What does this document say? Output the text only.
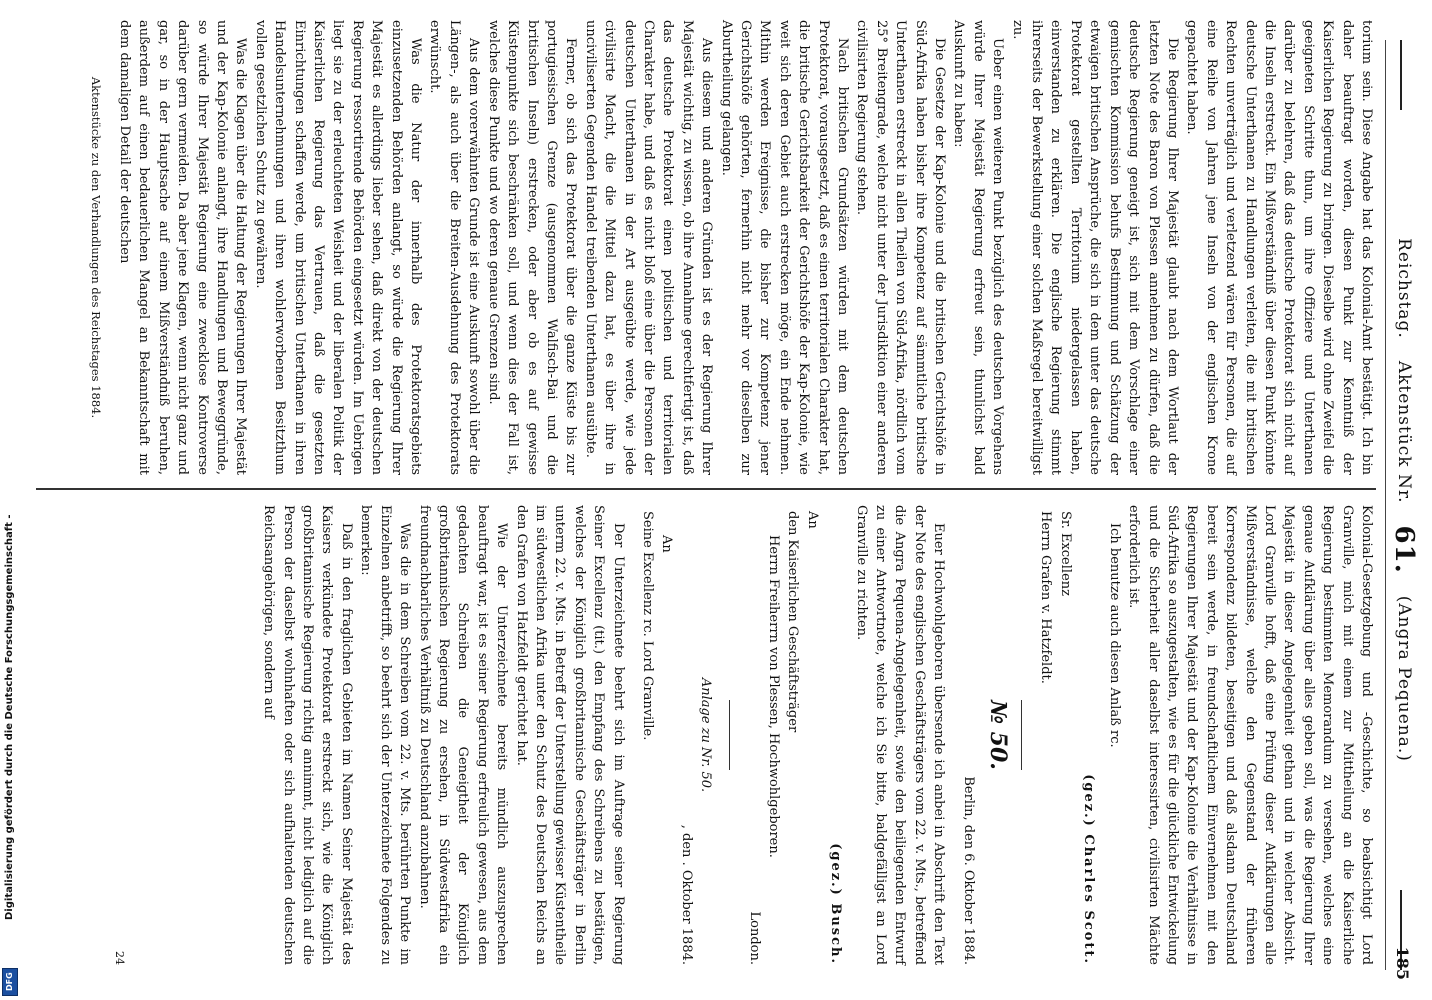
Reichstag.
Aktenstück Nr.
61.
(Angra Pequena.)
185

torium sein. Diese Angabe hat das Kolonial-Amt bestätigt. Ich bin daher beauftragt worden, diesen Punkt zur Kenntniß der Kaiserlichen Regierung zu bringen. Dieselbe wird ohne Zweifel die geeigneten Schritte thun, um ihre Offiziere und Unterthanen darüber zu belehren, daß das deutsche Protektorat sich nicht auf die Inseln erstreckt. Ein Mißverständniß über diesen Punkt könnte deutsche Unterthanen zu Handlungen verleiten, die mit britischen Rechten unverträglich und verletzend wären für Personen, die auf eine Reihe von Jahren jene Inseln von der englischen Krone gepachtet haben.

Die Regierung Ihrer Majestät glaubt nach dem Wortlaut der letzten Note des Baron von Plessen annehmen zu dürfen, daß die deutsche Regierung geneigt ist, sich mit dem Vorschlage einer gemischten Kommission behufs Bestimmung und Schätzung der etwaigen britischen Ansprüche, die sich in dem unter das deutsche Protektorat gestellten Territorium niedergelassen haben, einverstanden zu erklären. Die englische Regierung stimmt ihrerseits der Bewerkstellung einer solchen Maßregel bereitwilligst zu.

Ueber einen weiteren Punkt bezüglich des deutschen Vorgehens würde Ihrer Majestät Regierung erfreut sein, thunlichst bald Auskunft zu haben:

Die Gesetze der Kap-Kolonie und die britischen Gerichtshöfe in Süd-Afrika haben bisher ihre Kompetenz auf sämmtliche britische Unterthanen erstreckt in allen Theilen von Süd-Afrika, nördlich vom 25° Breitengrade, welche nicht unter der Jurisdiktion einer anderen civilisirten Regierung stehen.

Nach britischen Grundsätzen würden mit dem deutschen Protektorat, vorausgesetzt, daß es einen territorialen Charakter hat, die britische Gerichtsbarkeit der Gerichtshöfe der Kap-Kolonie, wie weit sich deren Gebiet auch erstrecken möge, ein Ende nehmen. Mithin werden Ereignisse, die bisher zur Kompetenz jener Gerichtshöfe gehörten, fernerhin nicht mehr vor dieselben zur Aburtheilung gelangen.

Aus diesem und anderen Gründen ist es der Regierung Ihrer Majestät wichtig, zu wissen, ob ihre Annahme gerechtfertigt ist, daß das deutsche Protektorat einen politischen und territorialen Charakter habe, und daß es nicht bloß eine über die Personen der deutschen Unterthanen in der Art ausgeübte werde, wie jede civilisirte Macht, die die Mittel dazu hat, es über ihre in unciviliserten Gegenden Handel treibenden Unterthanen ausübte.

Ferner, ob sich das Protektorat über die ganze Küste bis zur portugiesischen Grenze (ausgenommen Walfisch-Bai und die britischen Inseln) erstrecken, oder aber ob es auf gewisse Küstenpunkte sich beschränken soll, und wenn dies der Fall ist, welches diese Punkte und wo deren genaue Grenzen sind.

Aus dem vorerwähnten Grunde ist eine Auskunft sowohl über die Längen-, als auch über die Breiten-Ausdehnung des Protektorats erwünscht.

Was die Natur der innerhalb des Protektoratsgebiets einzusetzenden Behörden anlangt, so würde die Regierung Ihrer Majestät es allerdings lieber sehen, daß direkt von der deutschen Regierung ressortirende Behörden eingesetzt würden. Im Uebrigen liegt sie zu der erleuchteten Weisheit und der liberalen Politik der Kaiserlichen Regierung das Vertrauen, daß die gesetzten Einrichtungen schaffen werde, um britischen Unterthanen in ihren Handelsunternehmungen und ihren wohlerworbenen Besitzthum vollen gesetzlichen Schutz zu gewähren.

Was die Klagen über die Haltung der Regierungen Ihrer Majestät und der Kap-Kolonie anlangt, ihre Handlungen und Beweggründe, so würde Ihrer Majestät Regierung eine zwecklose Kontroverse darüber gern vermeiden. Da aber jene Klagen, wenn nicht ganz und gar, so in der Hauptsache auf einem Mißverständniß beruhen, außerdem auf einen bedauerlichen Mangel an Bekanntschaft mit dem damaligen Detail der deutschen

Aktenstücke zu den Verhandlungen des Reichstages 1884.

Kolonial-Gesetzgebung und -Geschichte, so beabsichtigt Lord Granville, mich mit einem zur Mittheilung an die Kaiserliche Regierung bestimmten Memorandum zu versehen, welches eine genaue Aufklärung über alles geben soll, was die Regierung Ihrer Majestät in dieser Angelegenheit gethan und in welcher Absicht. Lord Granville hofft, daß eine Prüfung dieser Aufklärungen alle Mißverständnisse, welche den Gegenstand der früheren Korrespondenz bildeten, beseitigen und daß alsdann Deutschland bereit sein werde, in freundschaftlichem Einvernehmen mit den Regierungen Ihrer Majestät und der Kap-Kolonie die Verhältnisse in Süd-Afrika so auszugestalten, wie es für die glückliche Entwickelung und die Sicherheit aller daselbst interessirten, civilisirten Mächte erforderlich ist.

Ich benutze auch diesen Anlaß rc.

(gez.) Charles Scott.

Sr. Excellenz

Herrn Grafen v. Hatzfeldt.

№ 50.

Berlin, den 6. Oktober 1884.

Euer Hochwohlgeboren übersende ich anbei in Abschrift den Text der Note des englischen Geschäftsträgers vom 22. v. Mts., betreffend die Angra Pequena-Angelegenheit, sowie den beiliegenden Entwurf zu einer Antwortnote, welche ich Sie bitte, baldgefälligst an Lord Granville zu richten.

(gez.) Busch.

An

den Kaiserlichen Geschäftsträger

Herrn Freiherrn von Plessen, Hochwohlgeboren.

London.

Anlage zu Nr. 50.

, den . Oktober 1884.

An

Seine Excellenz rc. Lord Granville.

Der Unterzeichnete beehrt sich im Auftrage seiner Regierung Seiner Excellenz (tit.) den Empfang des Schreibens zu bestätigen, welches der Königlich großbritannische Geschäftsträger in Berlin unterm 22. v. Mts. in Betreff der Unterstellung gewisser Küstentheile im südwestlichen Afrika unter den Schutz des Deutschen Reichs an den Grafen von Hatzfeldt gerichtet hat.

Wie der Unterzeichnete bereits mündlich auszusprechen beauftragt war, ist es seiner Regierung erfreulich gewesen, aus dem gedachten Schreiben die Geneigtheit der Königlich großbritannischen Regierung zu ersehen, in Südwestafrika ein freundnachbarliches Verhältniß zu Deutschland anzubahnen.

Was die in dem Schreiben vom 22. v. Mts. berührten Punkte im Einzelnen anbetrifft, so beehrt sich der Unterzeichnete Folgendes zu bemerken:

Daß in den fraglichen Gebieten im Namen Seiner Majestät des Kaisers verkündete Protektorat erstreckt sich, wie die Königlich großbritannische Regierung richtig annimmt, nicht lediglich auf die Person der daselbst wohnhaften oder sich aufhaltenden deutschen Reichsangehörigen, sondern auf

24
Digitalisierung gefördert durch die Deutsche Forschungsgemeinschaft -
DFG
